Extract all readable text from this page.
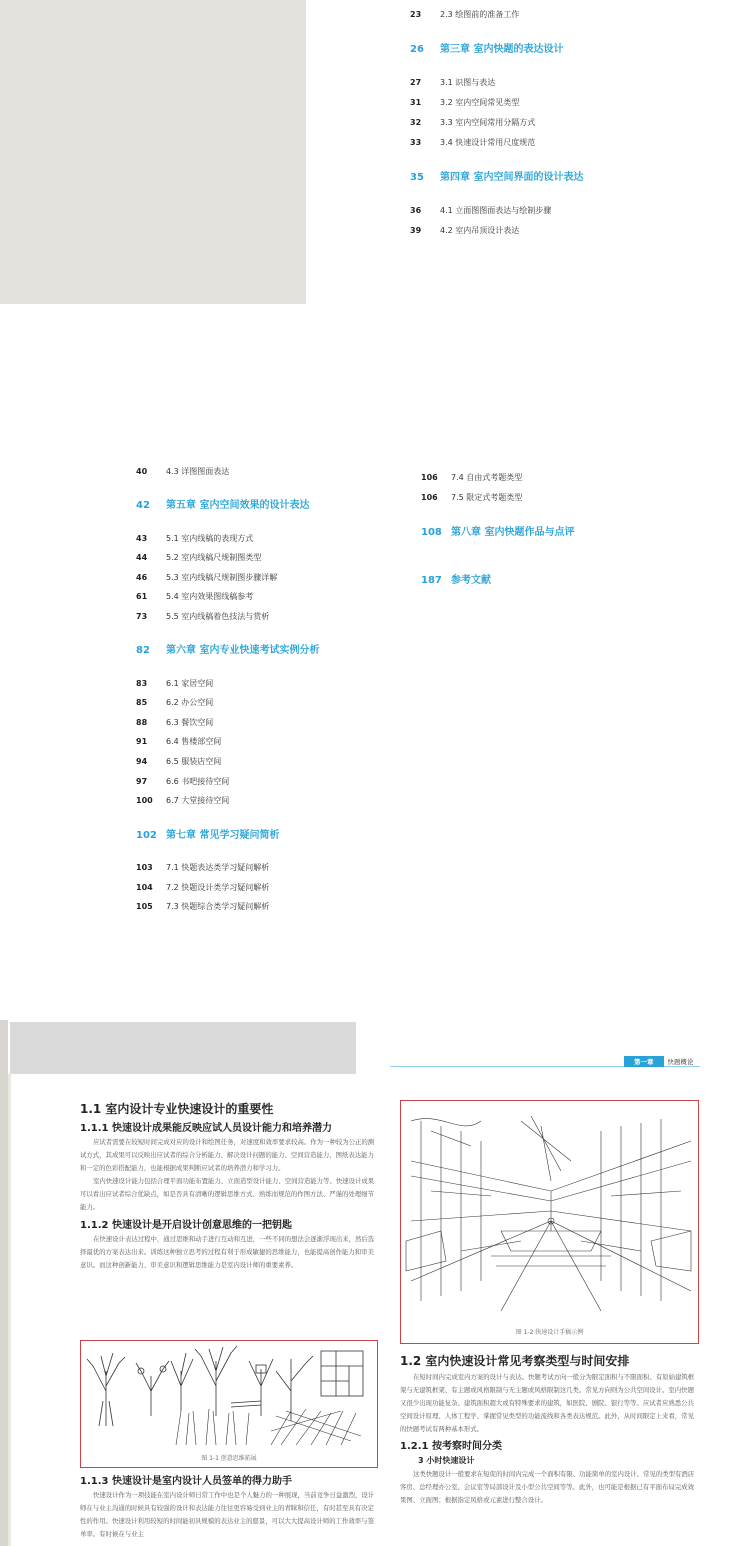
23	2.3 绘图前的准备工作
26	第三章 室内快题的表达设计
27	3.1 识图与表达
31	3.2 室内空间常见类型
32	3.3 室内空间常用分隔方式
33	3.4 快速设计常用尺度规范
35	第四章 室内空间界面的设计表达
36	4.1 立面图图面表达与绘制步骤
39	4.2 室内吊顶设计表达
40	4.3 详图图面表达
42	第五章 室内空间效果的设计表达
43	5.1 室内线稿的表现方式
44	5.2 室内线稿尺规制图类型
46	5.3 室内线稿尺规制图步骤详解
61	5.4 室内效果图线稿参考
73	5.5 室内线稿着色技法与赏析
82	第六章 室内专业快速考试实例分析
83	6.1 家居空间
85	6.2 办公空间
88	6.3 餐饮空间
91	6.4 售楼部空间
94	6.5 服装店空间
97	6.6 书吧接待空间
100	6.7 大堂接待空间
102 第七章 常见学习疑问简析
103	7.1 快题表达类学习疑问解析
104	7.2 快题设计类学习疑问解析
105	7.3 快题综合类学习疑问解析
106	7.4 自由式考题类型
106	7.5 限定式考题类型
108 第八章 室内快题作品与点评
187 参考文献
第一章	快题概论
1.1 室内设计专业快速设计的重要性
1.1.1 快速设计成果能反映应试人员设计能力和培养潜力

应试者需要在较短时间完成对应的设计和绘图任务，对速度和效率要求较高。作为一种较为公正的测试方式，其成果可以反映出应试者的综合分析能力、解决设计问题的能力、空间营造能力、图纸表达能力和一定的色彩搭配能力，也能根据成果判断应试者的培养潜力和学习力。

室内快速设计能力包括合理平面功能布置能力、立面造型设计能力、空间营造能力等。快速设计成果可以看出应试者综合优缺点，如是否具有清晰的逻辑思维方式、熟练而规范的作图方法、严谨的处理细节能力。

1.1.2 快速设计是开启设计创意思维的一把钥匙

在快速设计表达过程中，通过思维和动手进行互动和互进，一些不同的想法会逐渐浮现出来，然后选择最优的方案表达出来。训练这种独立思考的过程有利于形成敏捷的思维能力，也能提高创作能力和审美意识。而这种创新能力、审美意识和逻辑思维能力是室内设计师的重要素养。

图 1-1 创意思维拓展
1.1.3 快速设计是室内设计人员签单的得力助手

快速设计作为一项技能在室内设计师日常工作中也是个人魅力的一种展现，当前竞争日益激烈，设计师在与业主沟通的时候具有较强的设计和表达能力往往更容易受到业主的青睐和信任，有时甚至具有决定性的作用。快速设计利用较短的时间能初具规模的表达业主的愿景，可以大大提高设计师的工作效率与签单率。有时候在与业主

图 1-2 快速设计手稿示例
1.2 室内快速设计常见考察类型与时间安排

在短时间内完成室内方案的设计与表达。快题考试方向一般分为限定面积与不限面积、有原始建筑框架与无建筑框架、有主题或风格限制与无主题或风格限制这几类。常见方向则为公共空间设计。室内快题又很少出现功能复杂、建筑面积超大或有特殊要求的建筑，如医院、剧院、银行等等。应试者应熟悉公共空间设计原理、人体工程学、掌握常见类型的功能流线和各类表达规范。此外，从时间限定上来看，常见的快题考试有两种基本形式。

1.2.1 按考察时间分类
3 小时快速设计

这类快题设计一般要求在短促的时间内完成一个面积有限、功能简单的室内设计。常见的类型有酒店客房、总经理办公室、会议室等局部设计及小型公共空间等等。此外，也可能是根据已有平面布局完成效果图、立面图；根据指定风格或元素进行整合设计。
